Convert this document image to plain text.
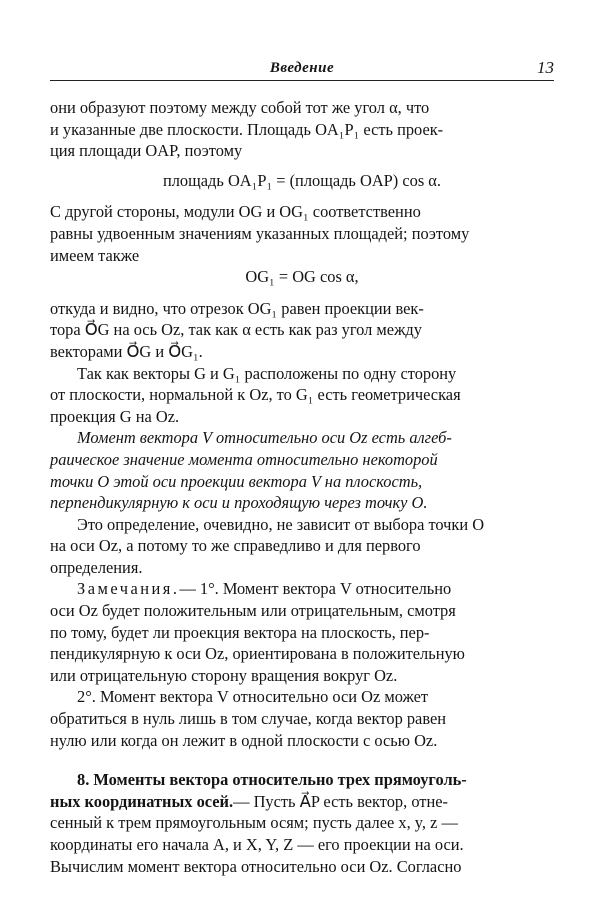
Введение	13

они образуют поэтому между собой тот же угол α, что
и указанные две плоскости. Площадь OA₁P₁ есть проек-
ция площади OAP, поэтому

площадь OA₁P₁ = (площадь OAP) cos α.

С другой стороны, модули OG и OG₁ соответственно
равны удвоенным значениям указанных площадей; поэтому
имеем также

OG₁ = OG cos α,

откуда и видно, что отрезок OG₁ равен проекции век-
тора O⃗G на ось Oz, так как α есть как раз угол между
векторами O⃗G и O⃗G₁.

Так как векторы G и G₁ расположены по одну сторону
от плоскости, нормальной к Oz, то G₁ есть геометрическая
проекция G на Oz.

Момент вектора V относительно оси Oz есть алгеб-
раическое значение момента относительно некоторой
точки O этой оси проекции вектора V на плоскость,
перпендикулярную к оси и проходящую через точку O.

Это определение, очевидно, не зависит от выбора точки O
на оси Oz, а потому то же справедливо и для первого
определения.

Замечания.— 1°. Момент вектора V относительно
оси Oz будет положительным или отрицательным, смотря
по тому, будет ли проекция вектора на плоскость, пер-
пендикулярную к оси Oz, ориентирована в положительную
или отрицательную сторону вращения вокруг Oz.

2°. Момент вектора V относительно оси Oz может
обратиться в нуль лишь в том случае, когда вектор равен
нулю или когда он лежит в одной плоскости с осью Oz.

8. Моменты вектора относительно трех прямоуголь-
ных координатных осей.— Пусть A⃗P есть вектор, отне-
сенный к трем прямоугольным осям; пусть далее x, y, z —
координаты его начала A, и X, Y, Z — его проекции на оси.
Вычислим момент вектора относительно оси Oz. Согласно
